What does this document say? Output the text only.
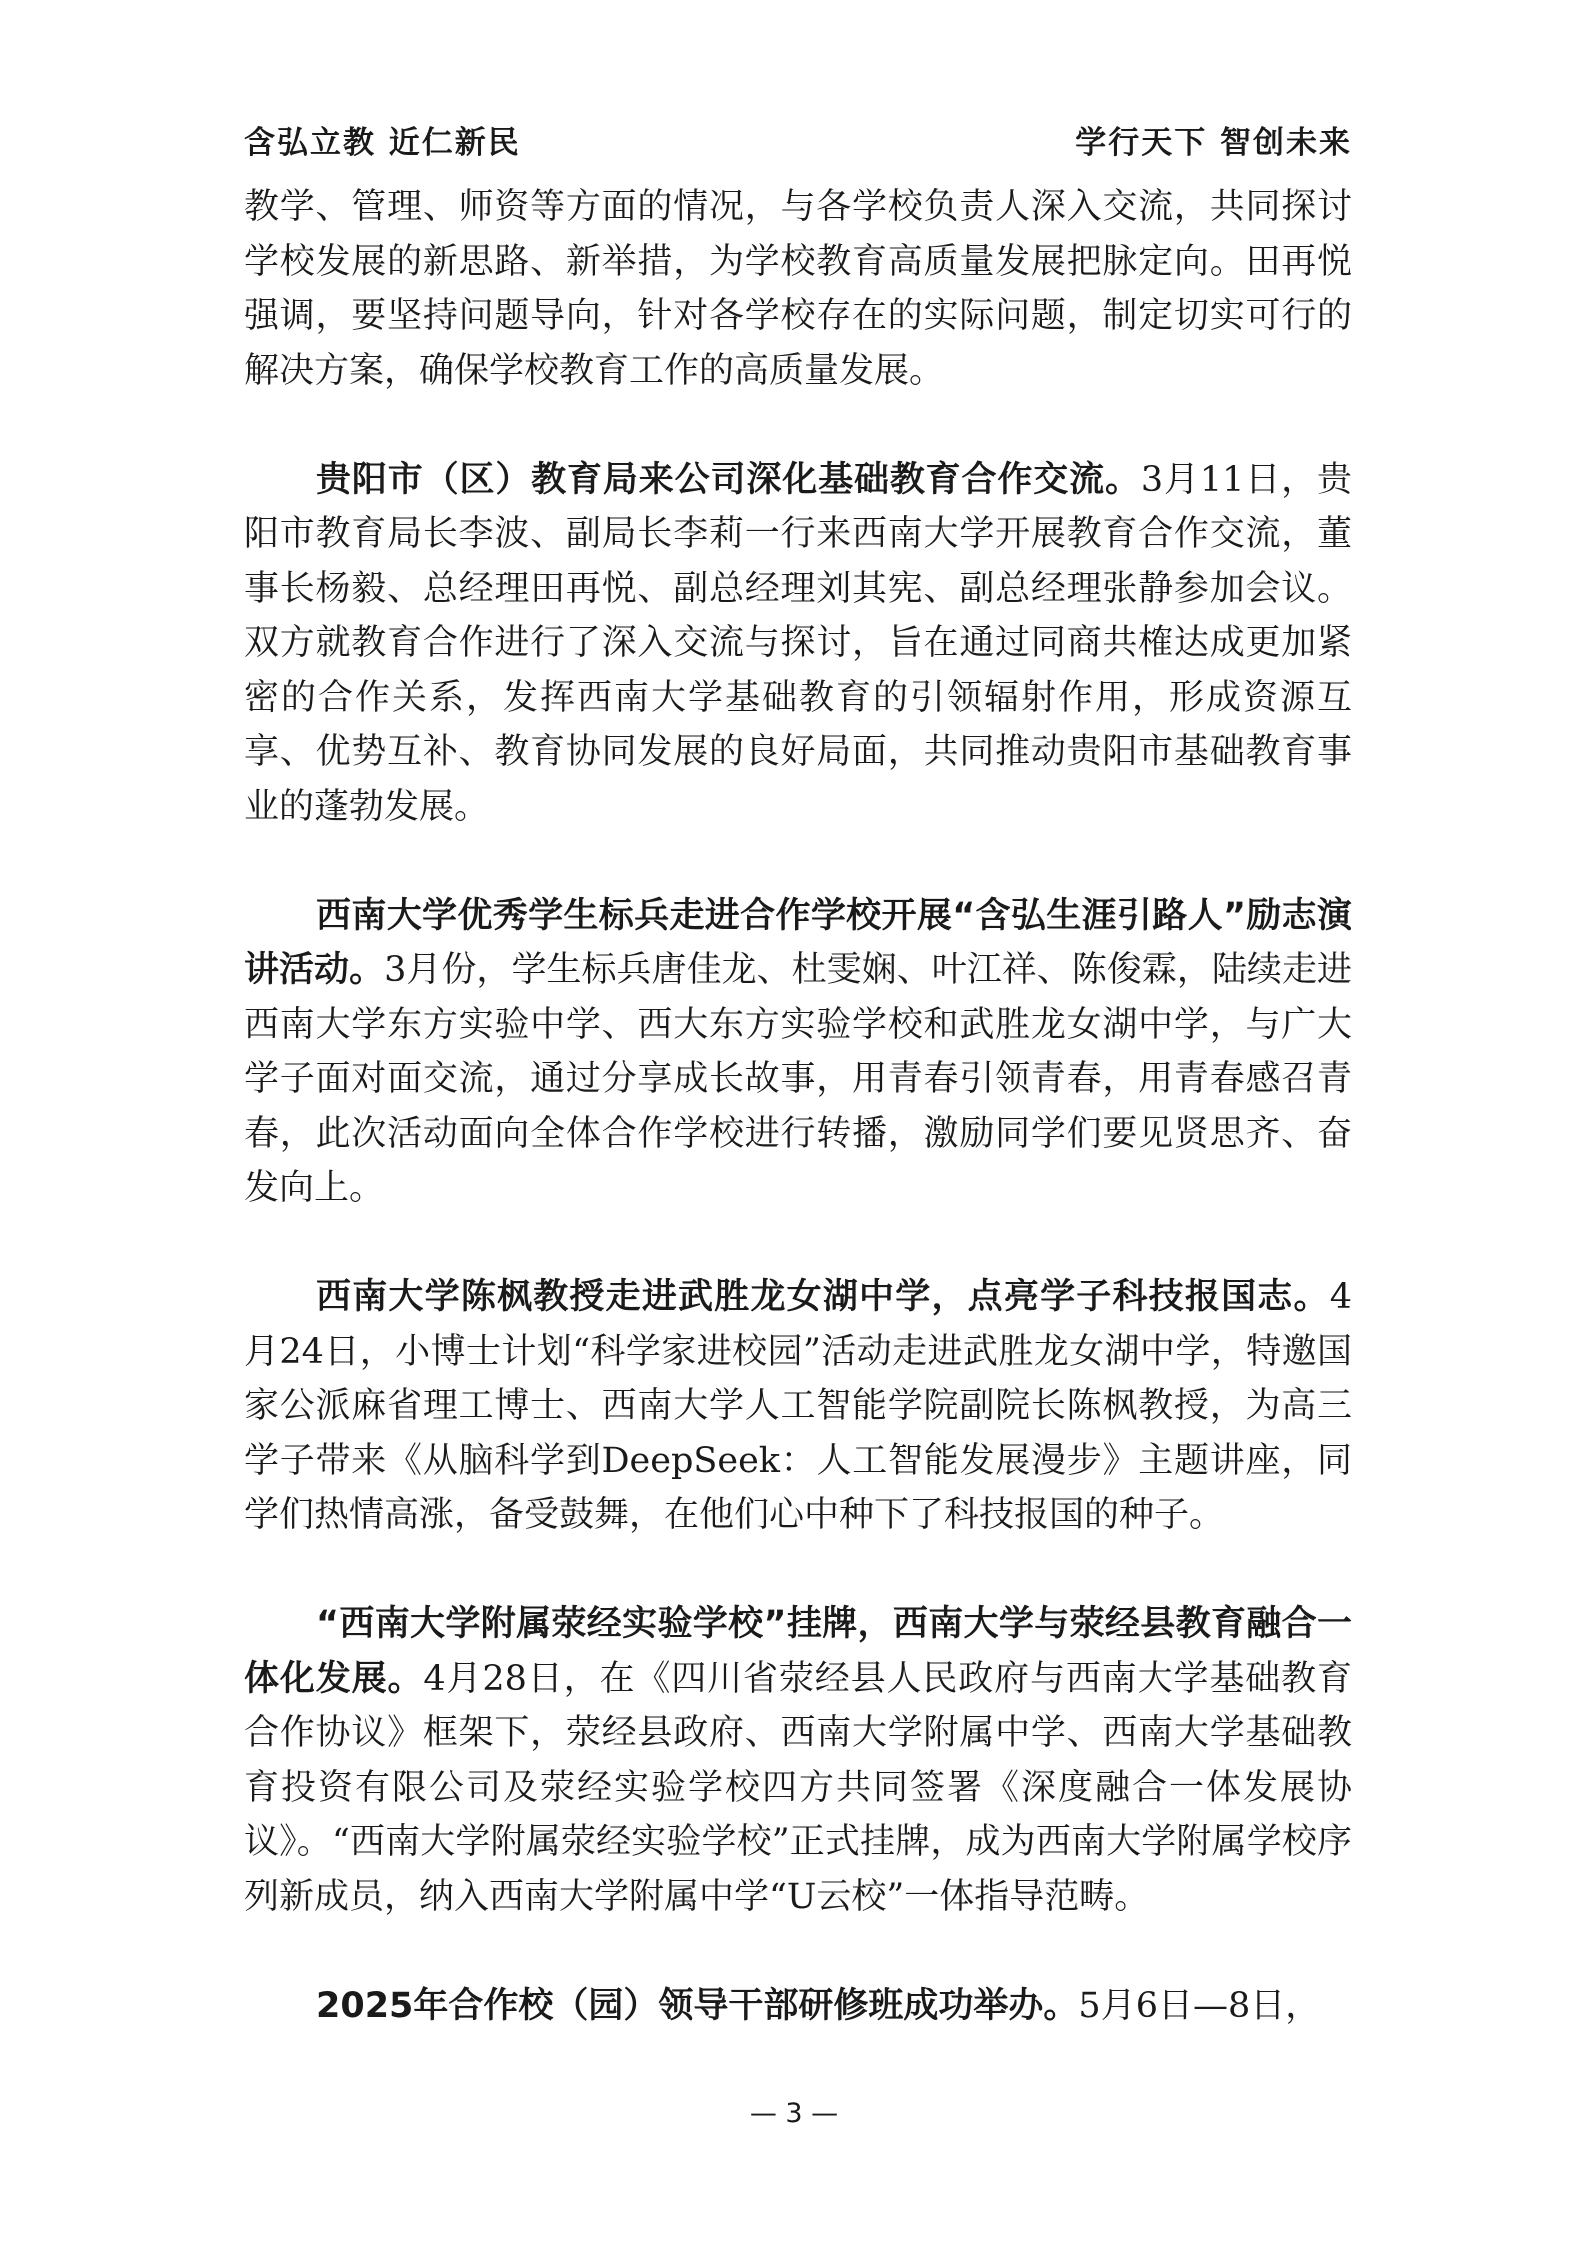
含弘立教 近仁新民	学行天下 智创未来

教学、管理、师资等方面的情况，与各学校负责人深入交流，共同探讨学校发展的新思路、新举措，为学校教育高质量发展把脉定向。田再悦强调，要坚持问题导向，针对各学校存在的实际问题，制定切实可行的解决方案，确保学校教育工作的高质量发展。

贵阳市（区）教育局来公司深化基础教育合作交流。3月11日，贵阳市教育局长李波、副局长李莉一行来西南大学开展教育合作交流，董事长杨毅、总经理田再悦、副总经理刘其宪、副总经理张静参加会议。双方就教育合作进行了深入交流与探讨，旨在通过同商共榷达成更加紧密的合作关系，发挥西南大学基础教育的引领辐射作用，形成资源互享、优势互补、教育协同发展的良好局面，共同推动贵阳市基础教育事业的蓬勃发展。

西南大学优秀学生标兵走进合作学校开展“含弘生涯引路人”励志演讲活动。3月份，学生标兵唐佳龙、杜雯娴、叶江祥、陈俊霖，陆续走进西南大学东方实验中学、西大东方实验学校和武胜龙女湖中学，与广大学子面对面交流，通过分享成长故事，用青春引领青春，用青春感召青春，此次活动面向全体合作学校进行转播，激励同学们要见贤思齐、奋发向上。

西南大学陈枫教授走进武胜龙女湖中学，点亮学子科技报国志。4月24日，小博士计划“科学家进校园”活动走进武胜龙女湖中学，特邀国家公派麻省理工博士、西南大学人工智能学院副院长陈枫教授，为高三学子带来《从脑科学到DeepSeek：人工智能发展漫步》主题讲座，同学们热情高涨，备受鼓舞，在他们心中种下了科技报国的种子。

“西南大学附属荥经实验学校”挂牌，西南大学与荥经县教育融合一体化发展。4月28日，在《四川省荥经县人民政府与西南大学基础教育合作协议》框架下，荥经县政府、西南大学附属中学、西南大学基础教育投资有限公司及荥经实验学校四方共同签署《深度融合一体发展协议》。“西南大学附属荥经实验学校”正式挂牌，成为西南大学附属学校序列新成员，纳入西南大学附属中学“U云校”一体指导范畴。

2025年合作校（园）领导干部研修班成功举办。5月6日—8日，

— 3 —
